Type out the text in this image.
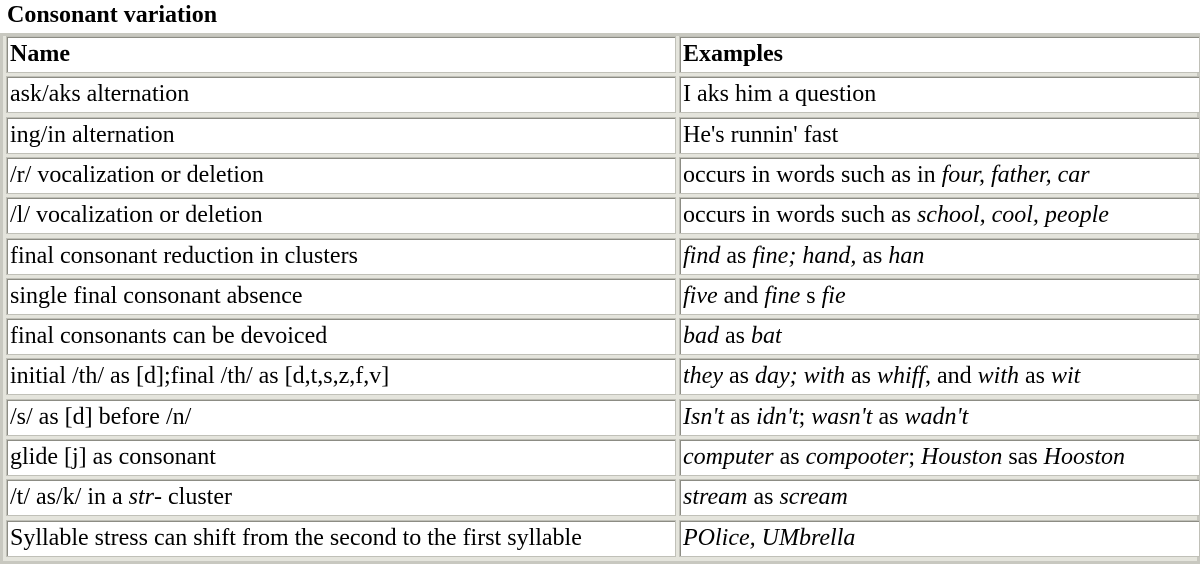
Consonant variation
Name	Examples
ask/aks alternation	I aks him a question
ing/in alternation	He's runnin' fast
/r/ vocalization or deletion	occurs in words such as in four, father, car
/l/ vocalization or deletion	occurs in words such as school, cool, people
final consonant reduction in clusters	find as fine; hand, as han
single final consonant absence	five and fine s fie
final consonants can be devoiced	bad as bat
initial /th/ as [d];final /th/ as [d,t,s,z,f,v]	they as day; with as whiff, and with as wit
/s/ as [d] before /n/	Isn't as idn't; wasn't as wadn't
glide [j] as consonant	computer as compooter; Houston sas Hooston
/t/ as/k/ in a str- cluster	stream as scream
Syllable stress can shift from the second to the first syllable	POlice, UMbrella
